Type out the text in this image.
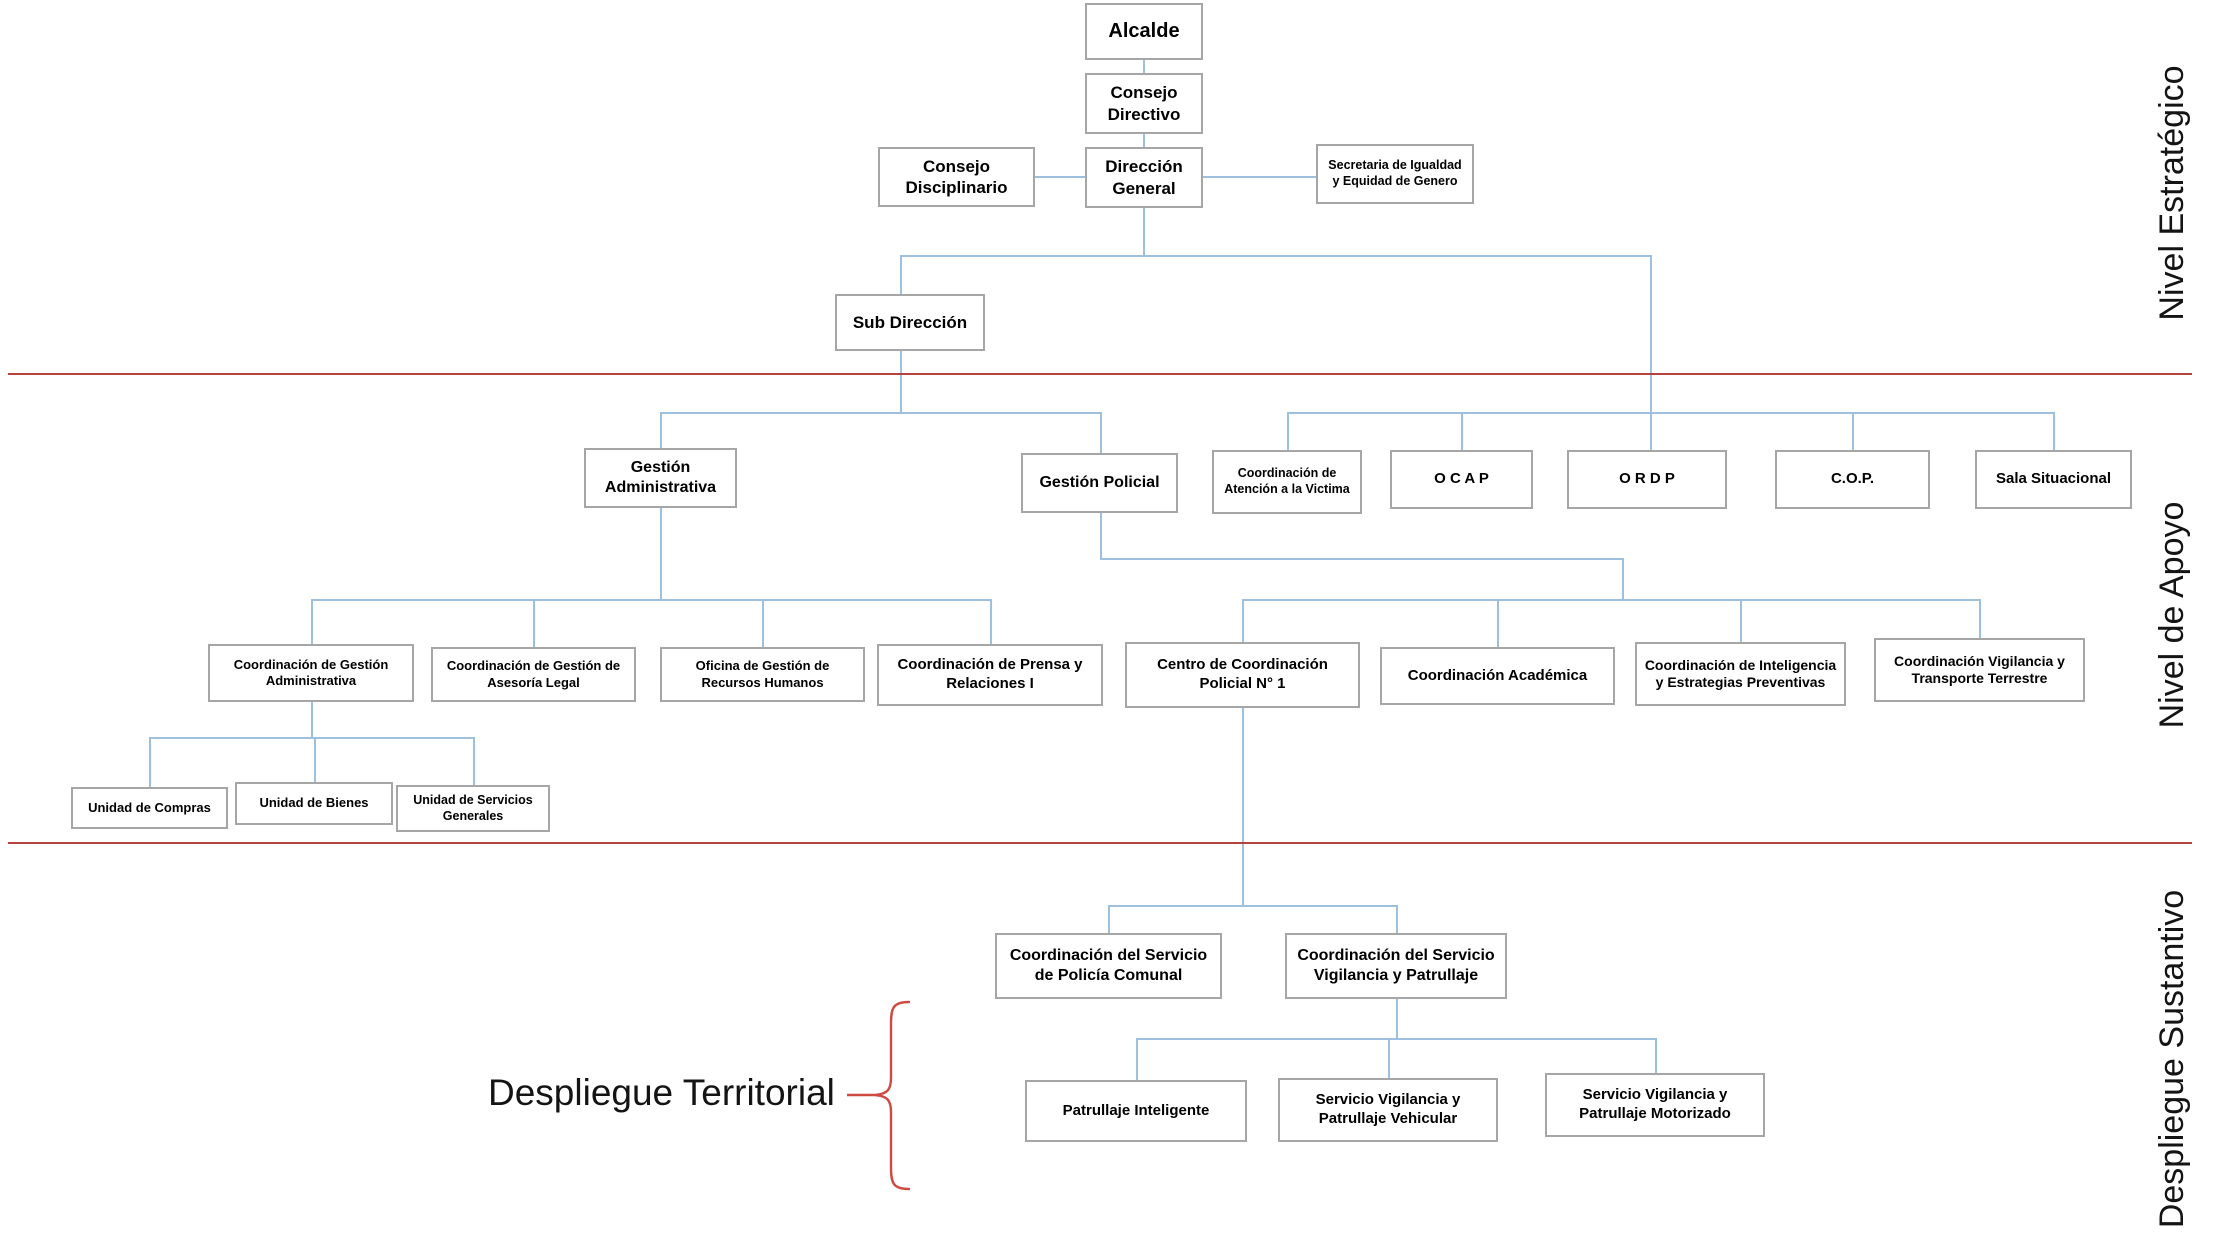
Alcalde
Consejo Directivo
Consejo Disciplinario
Dirección General
Secretaria de Igualdad y Equidad de Genero
Sub Dirección
Gestión Administrativa	Gestión Policial
Coordinación de Atención a la Victima
O C A P	O R D P	C.O.P.	Sala Situacional
Coordinación de Gestión Administrativa
Coordinación de Gestión de Asesoría Legal
Oficina de Gestión de Recursos Humanos
Coordinación de Prensa y Relaciones I
Centro de Coordinación Policial N° 1	Coordinación Académica
Coordinación de Inteligencia y Estrategias Preventivas
Coordinación Vigilancia y Transporte Terrestre
Unidad de Compras	Unidad de Bienes	Unidad de Servicios Generales
Coordinación del Servicio de Policía Comunal
Coordinación del Servicio Vigilancia y Patrullaje
Patrullaje Inteligente
Servicio Vigilancia y Patrullaje Vehicular
Servicio Vigilancia y Patrullaje Motorizado
Nivel Estratégico
Nivel de Apoyo
Despliegue Sustantivo
Despliegue Territorial
